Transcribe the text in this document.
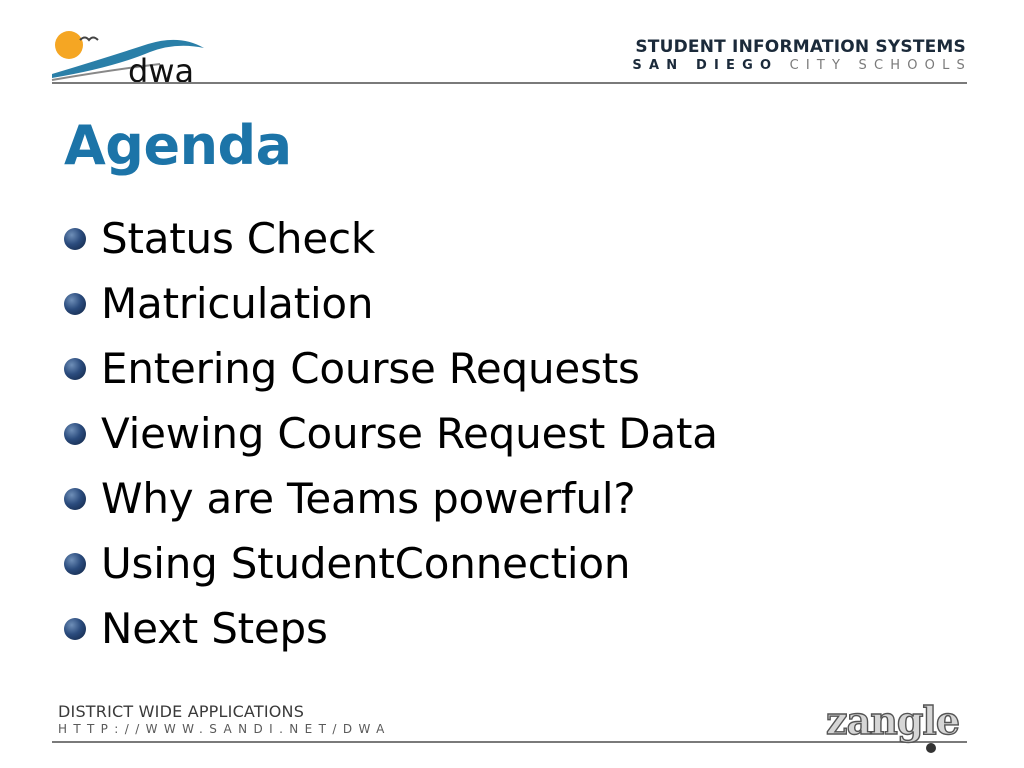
dwa
STUDENT INFORMATION SYSTEMS
SAN DIEGO CITY SCHOOLS
Agenda
Status Check
Matriculation
Entering Course Requests
Viewing Course Request Data
Why are Teams powerful?
Using StudentConnection
Next Steps
DISTRICT WIDE APPLICATIONS
HTTP://WWW.SANDI.NET/DWA	zangle
